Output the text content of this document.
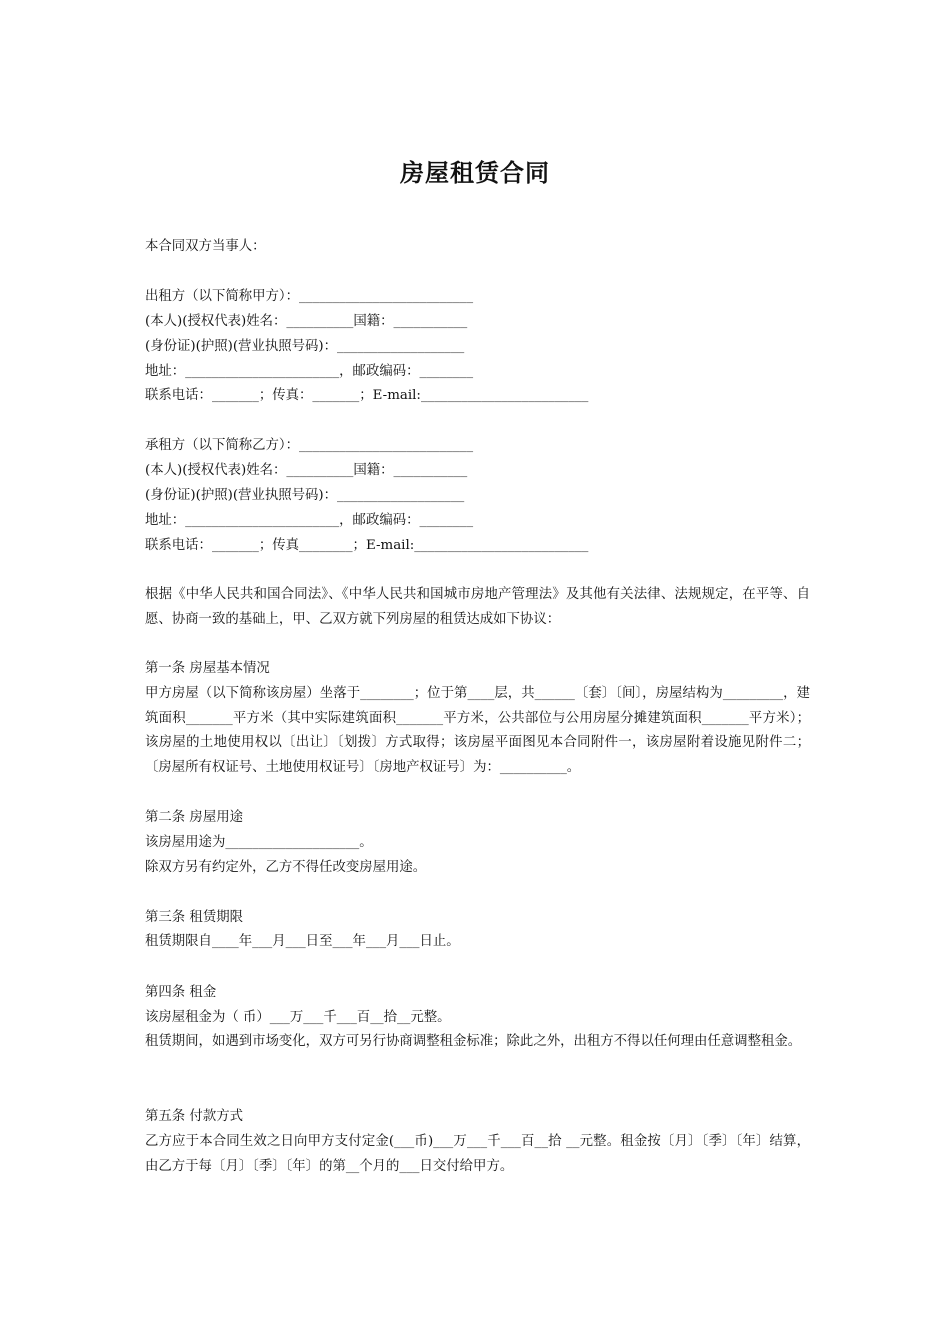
房屋租赁合同
本合同双方当事人：
出租方（以下简称甲方）：__________________________
(本人)(授权代表)姓名：__________国籍：___________
(身份证)(护照)(营业执照号码)：___________________
地址：_______________________，邮政编码：________
联系电话：_______；传真：_______；E-mail:_________________________
承租方（以下简称乙方）：__________________________
(本人)(授权代表)姓名：__________国籍：___________
(身份证)(护照)(营业执照号码)：___________________
地址：_______________________，邮政编码：________
联系电话：_______；传真________；E-mail:__________________________
根据《中华人民共和国合同法》、《中华人民共和国城市房地产管理法》及其他有关法律、法规规定，在平等、自愿、协商一致的基础上，甲、乙双方就下列房屋的租赁达成如下协议：
第一条 房屋基本情况
甲方房屋（以下简称该房屋）坐落于________；位于第____层，共______〔套〕〔间〕，房屋结构为_________，建筑面积_______平方米（其中实际建筑面积_______平方米，公共部位与公用房屋分摊建筑面积_______平方米）；该房屋的土地使用权以〔出让〕〔划拨〕方式取得；该房屋平面图见本合同附件一，该房屋附着设施见附件二；〔房屋所有权证号、土地使用权证号〕〔房地产权证号〕为：__________。
第二条 房屋用途
该房屋用途为____________________。
除双方另有约定外，乙方不得任改变房屋用途。
第三条 租赁期限
租赁期限自____年___月___日至___年___月___日止。
第四条 租金
该房屋租金为（ 币）___万___千___百__拾__元整。
租赁期间，如遇到市场变化，双方可另行协商调整租金标准；除此之外，出租方不得以任何理由任意调整租金。
第五条 付款方式
乙方应于本合同生效之日向甲方支付定金(___币)___万___千___百__拾 __元整。租金按〔月〕〔季〕〔年〕结算，由乙方于每〔月〕〔季〕〔年〕的第__个月的___日交付给甲方。
